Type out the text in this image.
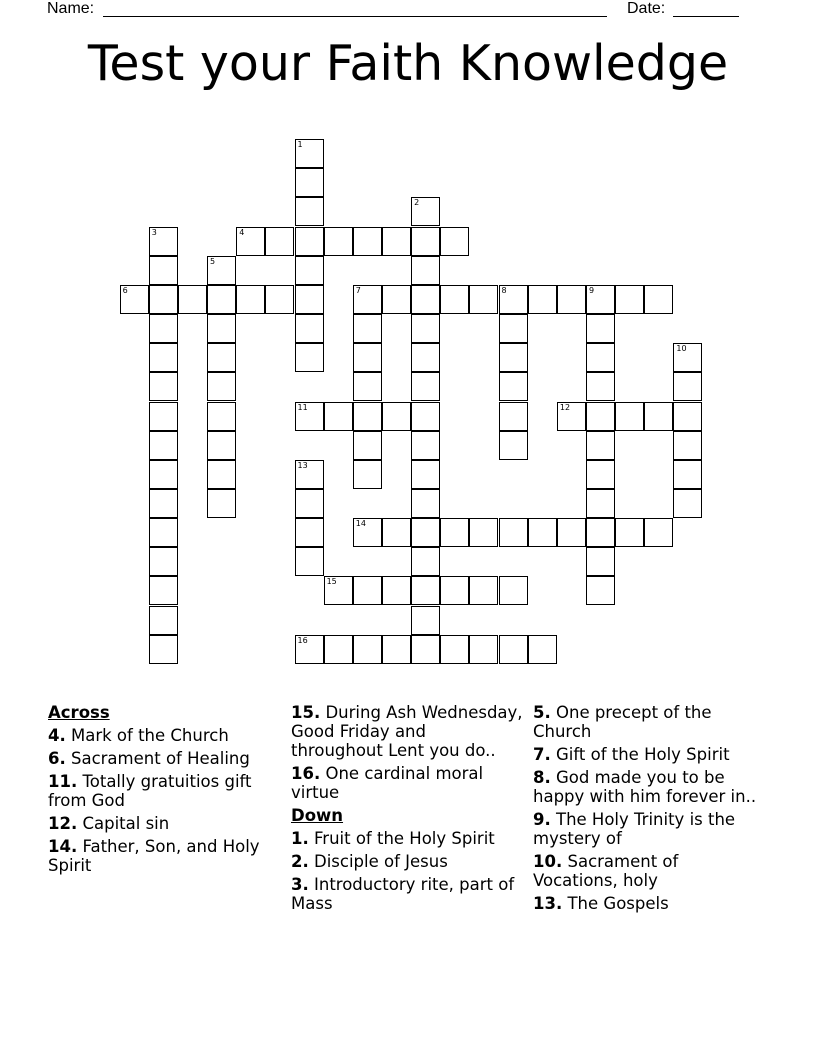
Name:	Date:
Test your Faith Knowledge
1
2
3	4
5
6	7	8	9
10
11	12
13
14
15
16
Across
4. Mark of the Church
6. Sacrament of Healing
11. Totally gratuitios gift from God
12. Capital sin
14. Father, Son, and Holy Spirit
15. During Ash Wednesday, Good Friday and throughout Lent you do..
16. One cardinal moral virtue
Down
1. Fruit of the Holy Spirit
2. Disciple of Jesus
3. Introductory rite, part of Mass
5. One precept of the Church
7. Gift of the Holy Spirit
8. God made you to be happy with him forever in..
9. The Holy Trinity is the mystery of
10. Sacrament of Vocations, holy
13. The Gospels
